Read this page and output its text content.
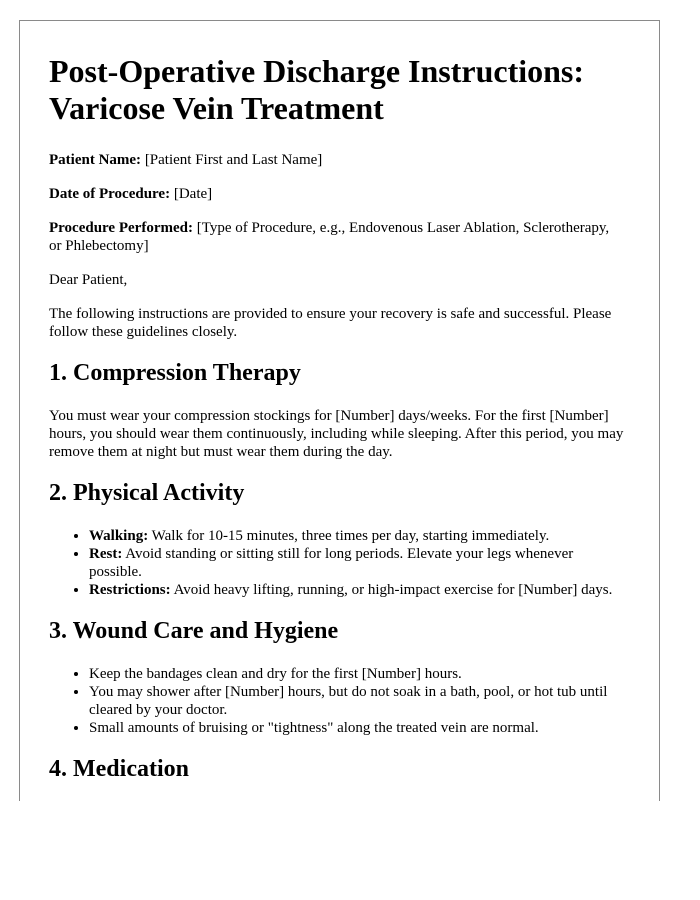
Post-Operative Discharge Instructions: Varicose Vein Treatment

Patient Name: [Patient First and Last Name]

Date of Procedure: [Date]

Procedure Performed: [Type of Procedure, e.g., Endovenous Laser Ablation, Sclerotherapy, or Phlebectomy]

Dear Patient,

The following instructions are provided to ensure your recovery is safe and successful. Please follow these guidelines closely.

1. Compression Therapy

You must wear your compression stockings for [Number] days/weeks. For the first [Number] hours, you should wear them continuously, including while sleeping. After this period, you may remove them at night but must wear them during the day.

2. Physical Activity
• Walking: Walk for 10-15 minutes, three times per day, starting immediately.
• Rest: Avoid standing or sitting still for long periods. Elevate your legs whenever possible.
• Restrictions: Avoid heavy lifting, running, or high-impact exercise for [Number] days.
3. Wound Care and Hygiene
• Keep the bandages clean and dry for the first [Number] hours.
• You may shower after [Number] hours, but do not soak in a bath, pool, or hot tub until cleared by your doctor.
• Small amounts of bruising or "tightness" along the treated vein are normal.
4. Medication
